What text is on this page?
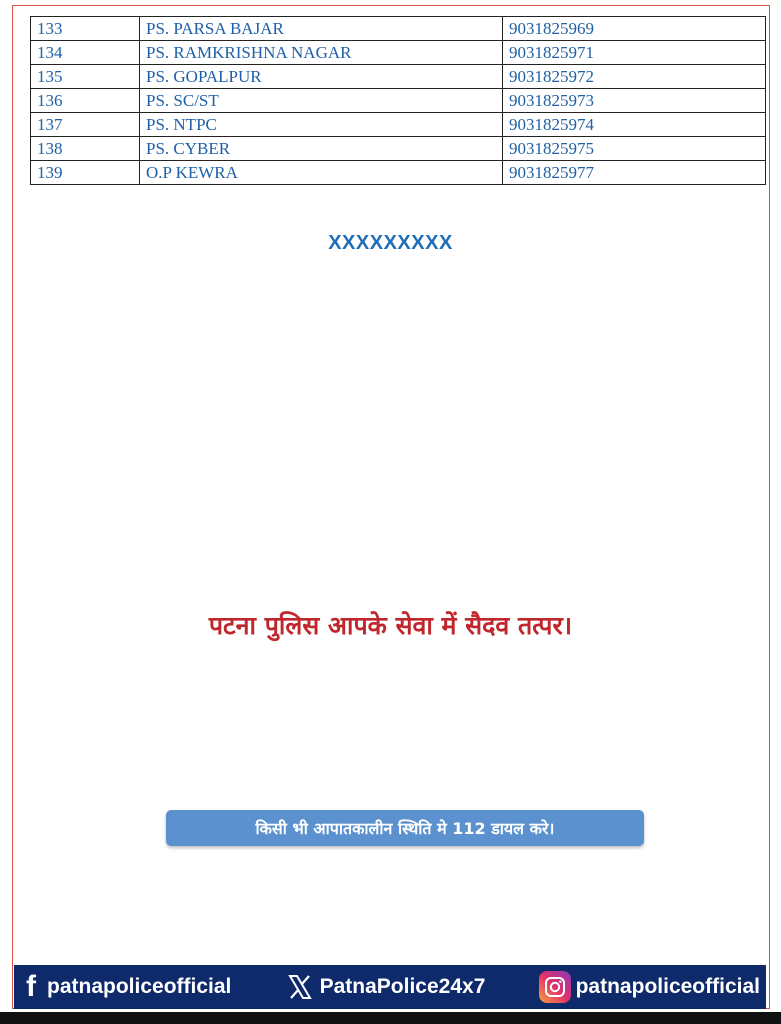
133	PS. PARSA BAJAR	9031825969
134	PS. RAMKRISHNA NAGAR	9031825971
135	PS. GOPALPUR	9031825972
136	PS. SC/ST	9031825973
137	PS. NTPC	9031825974
138	PS. CYBER	9031825975
139	O.P KEWRA	9031825977
XXXXXXXXX
पटना पुलिस आपके सेवा में सैदव तत्पर।
किसी भी आपातकालीन स्थिति मे 112 डायल करे।
f patnapoliceofficial	PatnaPolice24x7	patnapoliceofficial
